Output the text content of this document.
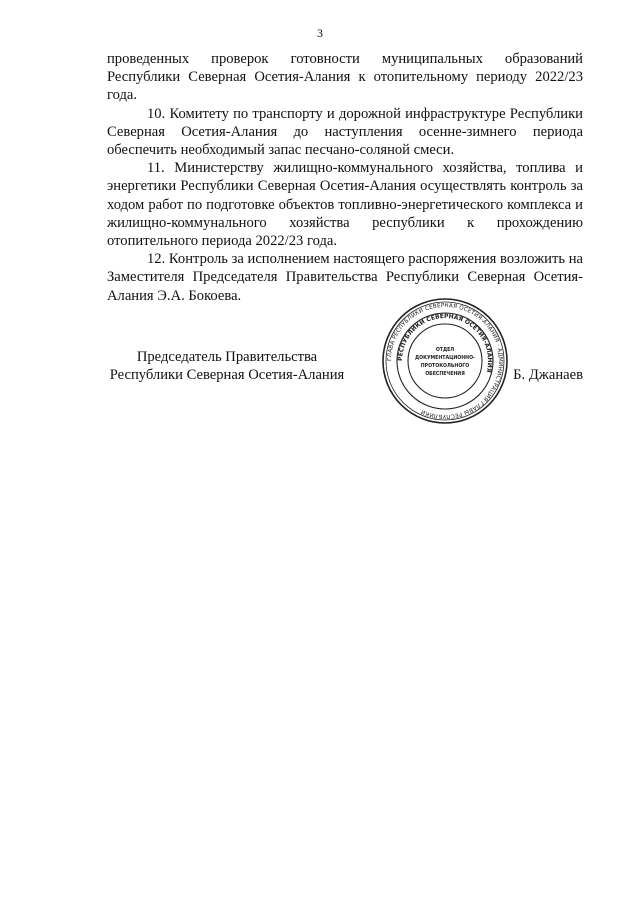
3

проведенных проверок готовности муниципальных образований Республики Северная Осетия-Алания к отопительному периоду 2022/23 года.

10. Комитету по транспорту и дорожной инфраструктуре Республики Северная Осетия-Алания до наступления осенне-зимнего периода обеспечить необходимый запас песчано-соляной смеси.

11. Министерству жилищно-коммунального хозяйства, топлива и энергетики Республики Северная Осетия-Алания осуществлять контроль за ходом работ по подготовке объектов топливно-энергетического комплекса и жилищно-коммунального хозяйства республики к прохождению отопительного периода 2022/23 года.

12. Контроль за исполнением настоящего распоряжения возложить на Заместителя Председателя Правительства Республики Северная Осетия-Алания Э.А. Бокоева.

Председатель Правительства
Республики Северная Осетия-Алания
ГЛАВА РЕСПУБЛИКИ СЕВЕРНАЯ ОСЕТИЯ-АЛАНИЯ · АДМИНИСТРАЦИЯ ГЛАВЫ РЕСПУБЛИКИ
РЕСПУБЛИКИ СЕВЕРНАЯ ОСЕТИЯ-АЛАНИЯ
ОТДЕЛ
ДОКУМЕНТАЦИОННО-
ПРОТОКОЛЬНОГО
ОБЕСПЕЧЕНИЯ	Б. Джанаев
